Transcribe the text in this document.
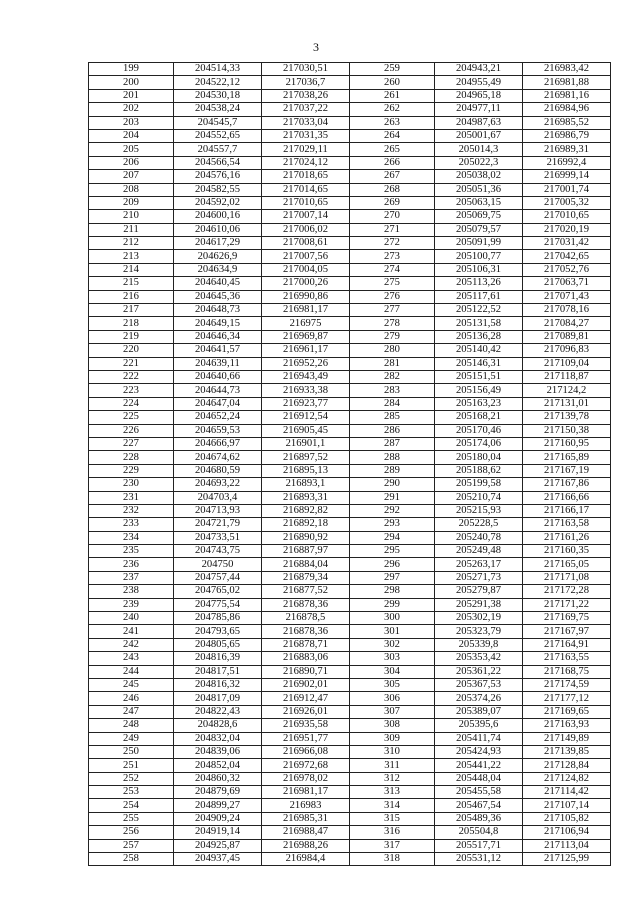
3
199	204514,33	217030,51	259	204943,21	216983,42
200	204522,12	217036,7	260	204955,49	216981,88
201	204530,18	217038,26	261	204965,18	216981,16
202	204538,24	217037,22	262	204977,11	216984,96
203	204545,7	217033,04	263	204987,63	216985,52
204	204552,65	217031,35	264	205001,67	216986,79
205	204557,7	217029,11	265	205014,3	216989,31
206	204566,54	217024,12	266	205022,3	216992,4
207	204576,16	217018,65	267	205038,02	216999,14
208	204582,55	217014,65	268	205051,36	217001,74
209	204592,02	217010,65	269	205063,15	217005,32
210	204600,16	217007,14	270	205069,75	217010,65
211	204610,06	217006,02	271	205079,57	217020,19
212	204617,29	217008,61	272	205091,99	217031,42
213	204626,9	217007,56	273	205100,77	217042,65
214	204634,9	217004,05	274	205106,31	217052,76
215	204640,45	217000,26	275	205113,26	217063,71
216	204645,36	216990,86	276	205117,61	217071,43
217	204648,73	216981,17	277	205122,52	217078,16
218	204649,15	216975	278	205131,58	217084,27
219	204646,34	216969,87	279	205136,28	217089,81
220	204641,57	216961,17	280	205140,42	217096,83
221	204639,11	216952,26	281	205146,31	217109,04
222	204640,66	216943,49	282	205151,51	217118,87
223	204644,73	216933,38	283	205156,49	217124,2
224	204647,04	216923,77	284	205163,23	217131,01
225	204652,24	216912,54	285	205168,21	217139,78
226	204659,53	216905,45	286	205170,46	217150,38
227	204666,97	216901,1	287	205174,06	217160,95
228	204674,62	216897,52	288	205180,04	217165,89
229	204680,59	216895,13	289	205188,62	217167,19
230	204693,22	216893,1	290	205199,58	217167,86
231	204703,4	216893,31	291	205210,74	217166,66
232	204713,93	216892,82	292	205215,93	217166,17
233	204721,79	216892,18	293	205228,5	217163,58
234	204733,51	216890,92	294	205240,78	217161,26
235	204743,75	216887,97	295	205249,48	217160,35
236	204750	216884,04	296	205263,17	217165,05
237	204757,44	216879,34	297	205271,73	217171,08
238	204765,02	216877,52	298	205279,87	217172,28
239	204775,54	216878,36	299	205291,38	217171,22
240	204785,86	216878,5	300	205302,19	217169,75
241	204793,65	216878,36	301	205323,79	217167,97
242	204805,65	216878,71	302	205339,8	217164,91
243	204816,39	216883,06	303	205353,42	217163,55
244	204817,51	216890,71	304	205361,22	217168,75
245	204816,32	216902,01	305	205367,53	217174,59
246	204817,09	216912,47	306	205374,26	217177,12
247	204822,43	216926,01	307	205389,07	217169,65
248	204828,6	216935,58	308	205395,6	217163,93
249	204832,04	216951,77	309	205411,74	217149,89
250	204839,06	216966,08	310	205424,93	217139,85
251	204852,04	216972,68	311	205441,22	217128,84
252	204860,32	216978,02	312	205448,04	217124,82
253	204879,69	216981,17	313	205455,58	217114,42
254	204899,27	216983	314	205467,54	217107,14
255	204909,24	216985,31	315	205489,36	217105,82
256	204919,14	216988,47	316	205504,8	217106,94
257	204925,87	216988,26	317	205517,71	217113,04
258	204937,45	216984,4	318	205531,12	217125,99
